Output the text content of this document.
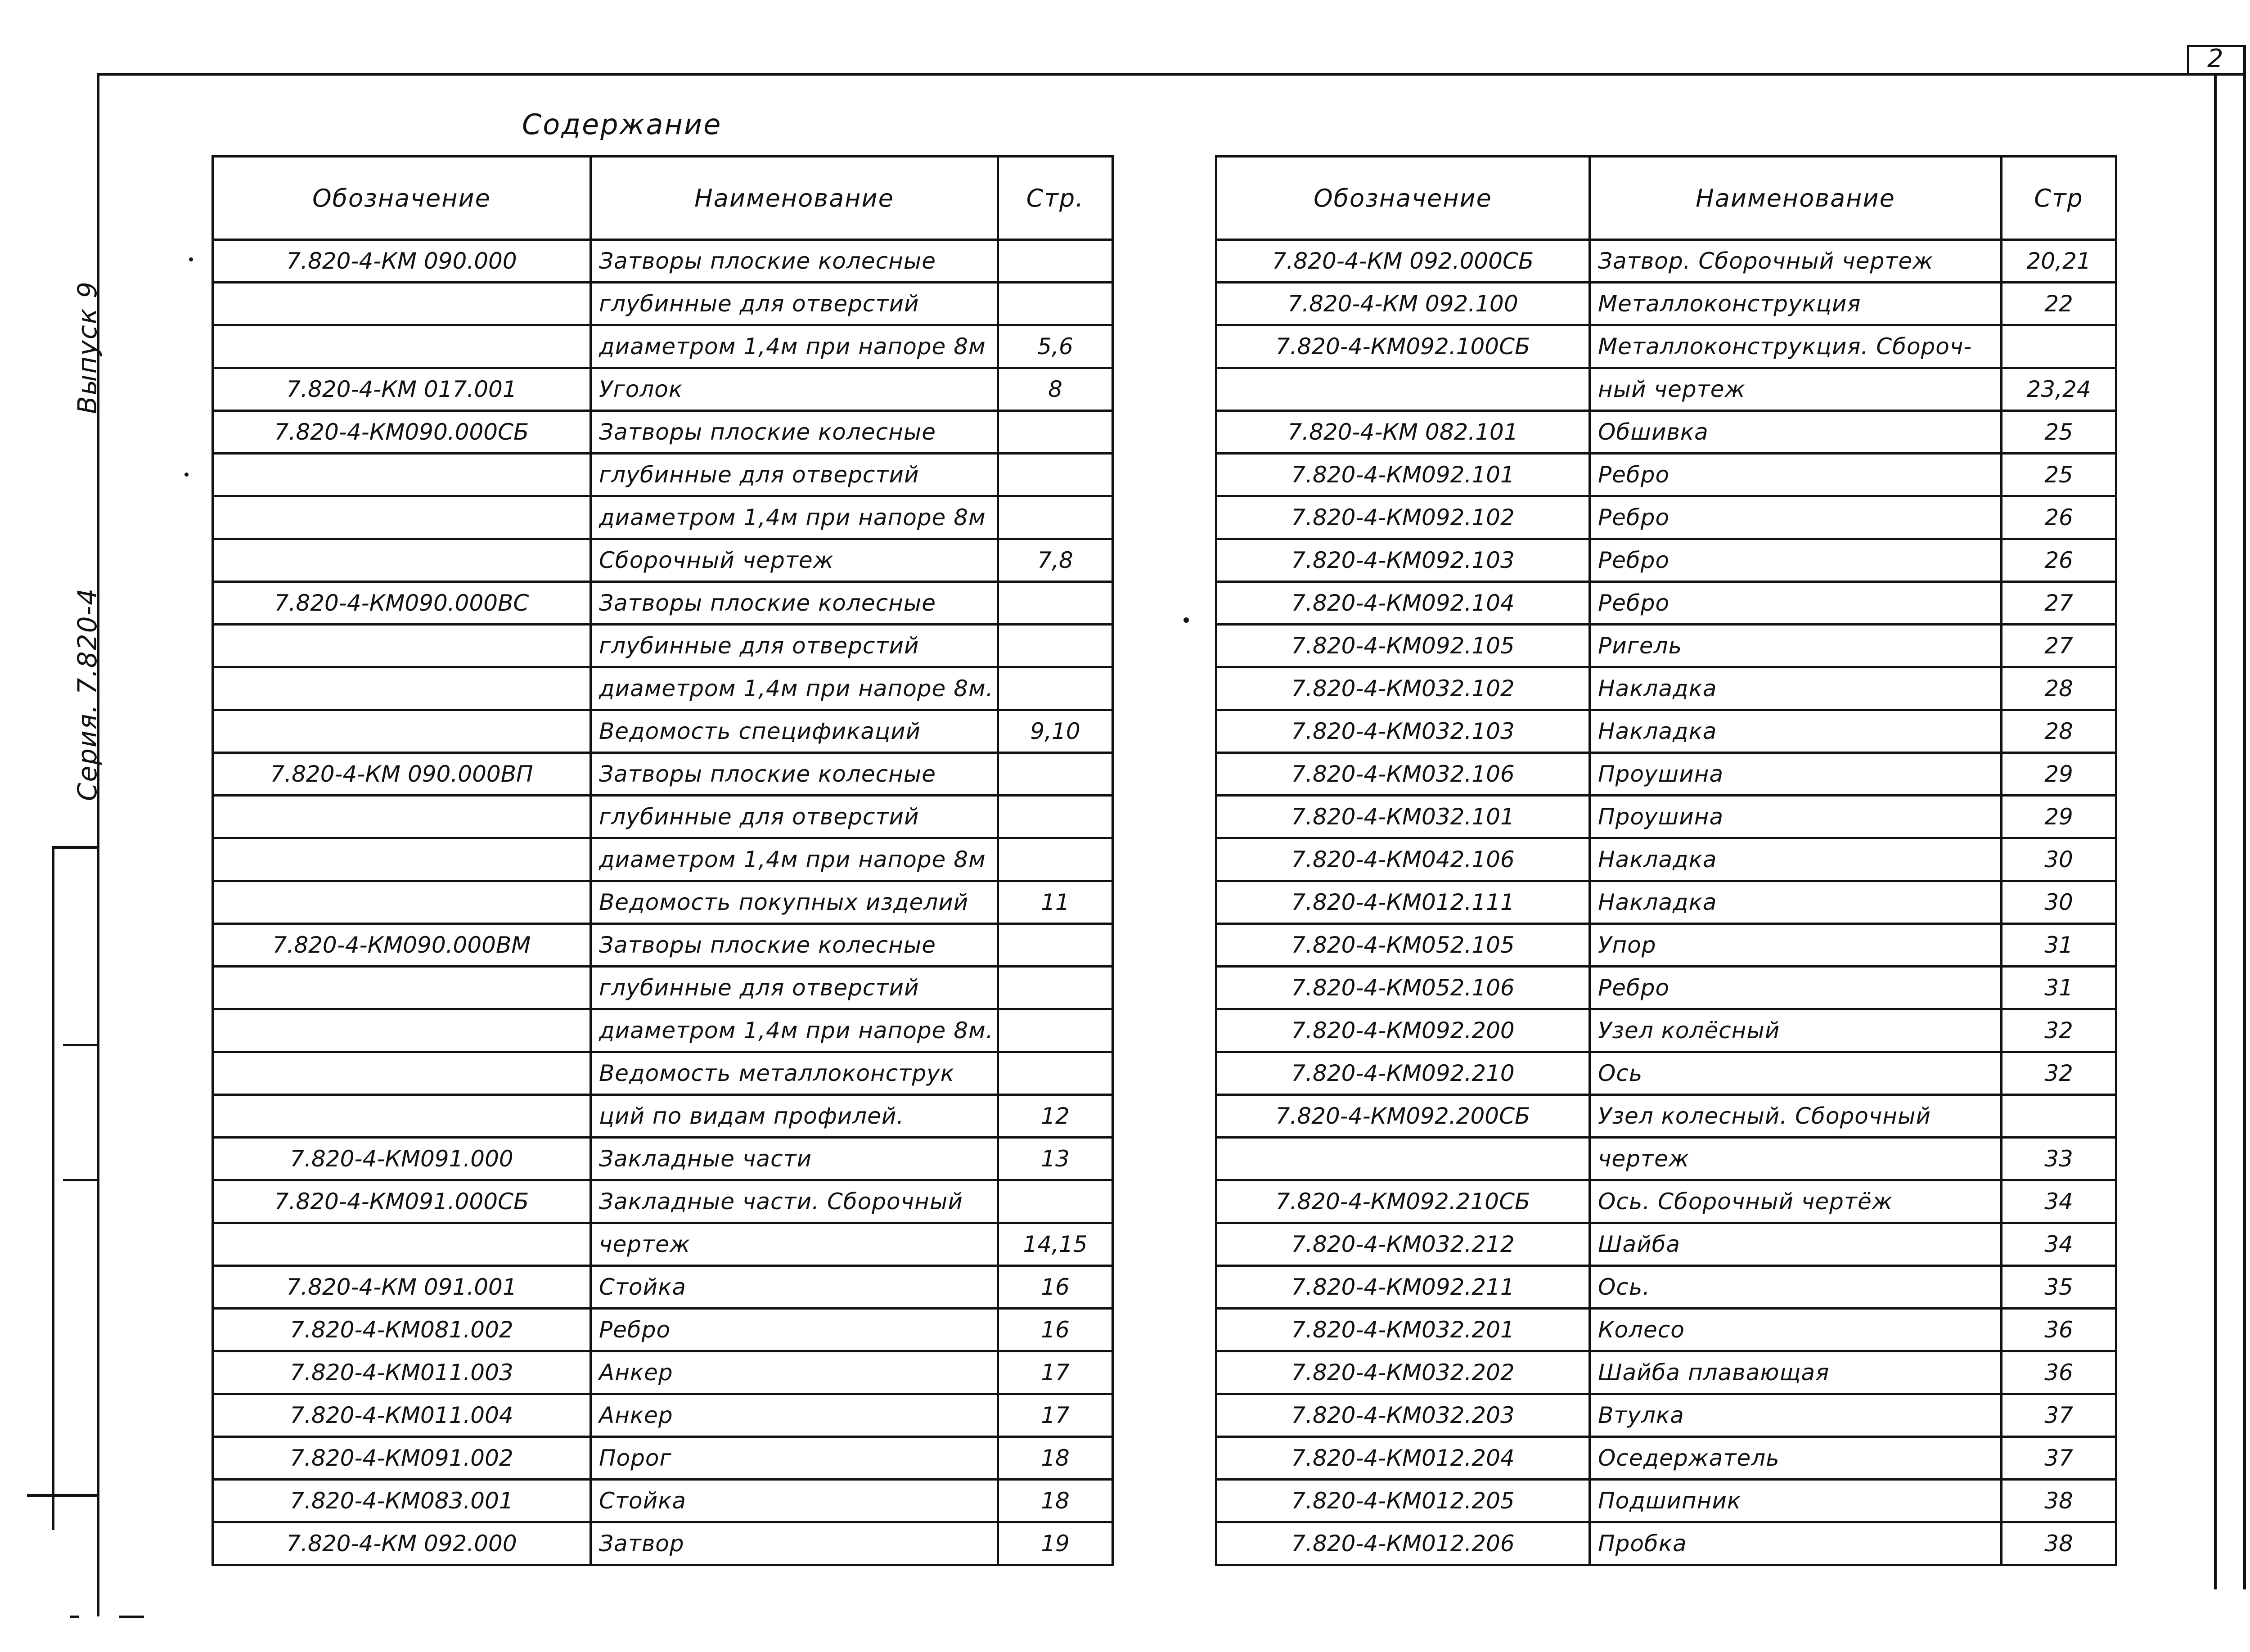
2
Выпуск 9
Серия. 7.820-4
Содержание
Обозначение	Наименование	Стр.
7.820-4-КМ 090.000	Затворы плоские колесные	
	глубинные для отверстий	
	диаметром 1,4м при напоре 8м	5,6
7.820-4-КМ 017.001	Уголок	8
7.820-4-КМ090.000СБ	Затворы плоские колесные	
	глубинные для отверстий	
	диаметром 1,4м при напоре 8м	
	Сборочный чертеж	7,8
7.820-4-КМ090.000ВС	Затворы плоские колесные	
	глубинные для отверстий	
	диаметром 1,4м при напоре 8м.	
	Ведомость спецификаций	9,10
7.820-4-КМ 090.000ВП	Затворы плоские колесные	
	глубинные для отверстий	
	диаметром 1,4м при напоре 8м	
	Ведомость покупных изделий	11
7.820-4-КМ090.000ВМ	Затворы плоские колесные	
	глубинные для отверстий	
	диаметром 1,4м при напоре 8м.	
	Ведомость металлоконструк	
	ций по видам профилей.	12
7.820-4-КМ091.000	Закладные части	13
7.820-4-КМ091.000СБ	Закладные части. Сборочный	
	чертеж	14,15
7.820-4-КМ 091.001	Стойка	16
7.820-4-КМ081.002	Ребро	16
7.820-4-КМ011.003	Анкер	17
7.820-4-КМ011.004	Анкер	17
7.820-4-КМ091.002	Порог	18
7.820-4-КМ083.001	Стойка	18
7.820-4-КМ 092.000	Затвор	19
Обозначение	Наименование	Стр
7.820-4-КМ 092.000СБ	Затвор. Сборочный чертеж	20,21
7.820-4-КМ 092.100	Металлоконструкция	22
7.820-4-КМ092.100СБ	Металлоконструкция. Сбороч-	
	ный чертеж	23,24
7.820-4-КМ 082.101	Обшивка	25
7.820-4-КМ092.101	Ребро	25
7.820-4-КМ092.102	Ребро	26
7.820-4-КМ092.103	Ребро	26
7.820-4-КМ092.104	Ребро	27
7.820-4-КМ092.105	Ригель	27
7.820-4-КМ032.102	Накладка	28
7.820-4-КМ032.103	Накладка	28
7.820-4-КМ032.106	Проушина	29
7.820-4-КМ032.101	Проушина	29
7.820-4-КМ042.106	Накладка	30
7.820-4-КМ012.111	Накладка	30
7.820-4-КМ052.105	Упор	31
7.820-4-КМ052.106	Ребро	31
7.820-4-КМ092.200	Узел колёсный	32
7.820-4-КМ092.210	Ось	32
7.820-4-КМ092.200СБ	Узел колесный. Сборочный	
	чертеж	33
7.820-4-КМ092.210СБ	Ось. Сборочный чертёж	34
7.820-4-КМ032.212	Шайба	34
7.820-4-КМ092.211	Ось.	35
7.820-4-КМ032.201	Колесо	36
7.820-4-КМ032.202	Шайба плавающая	36
7.820-4-КМ032.203	Втулка	37
7.820-4-КМ012.204	Оседержатель	37
7.820-4-КМ012.205	Подшипник	38
7.820-4-КМ012.206	Пробка	38
